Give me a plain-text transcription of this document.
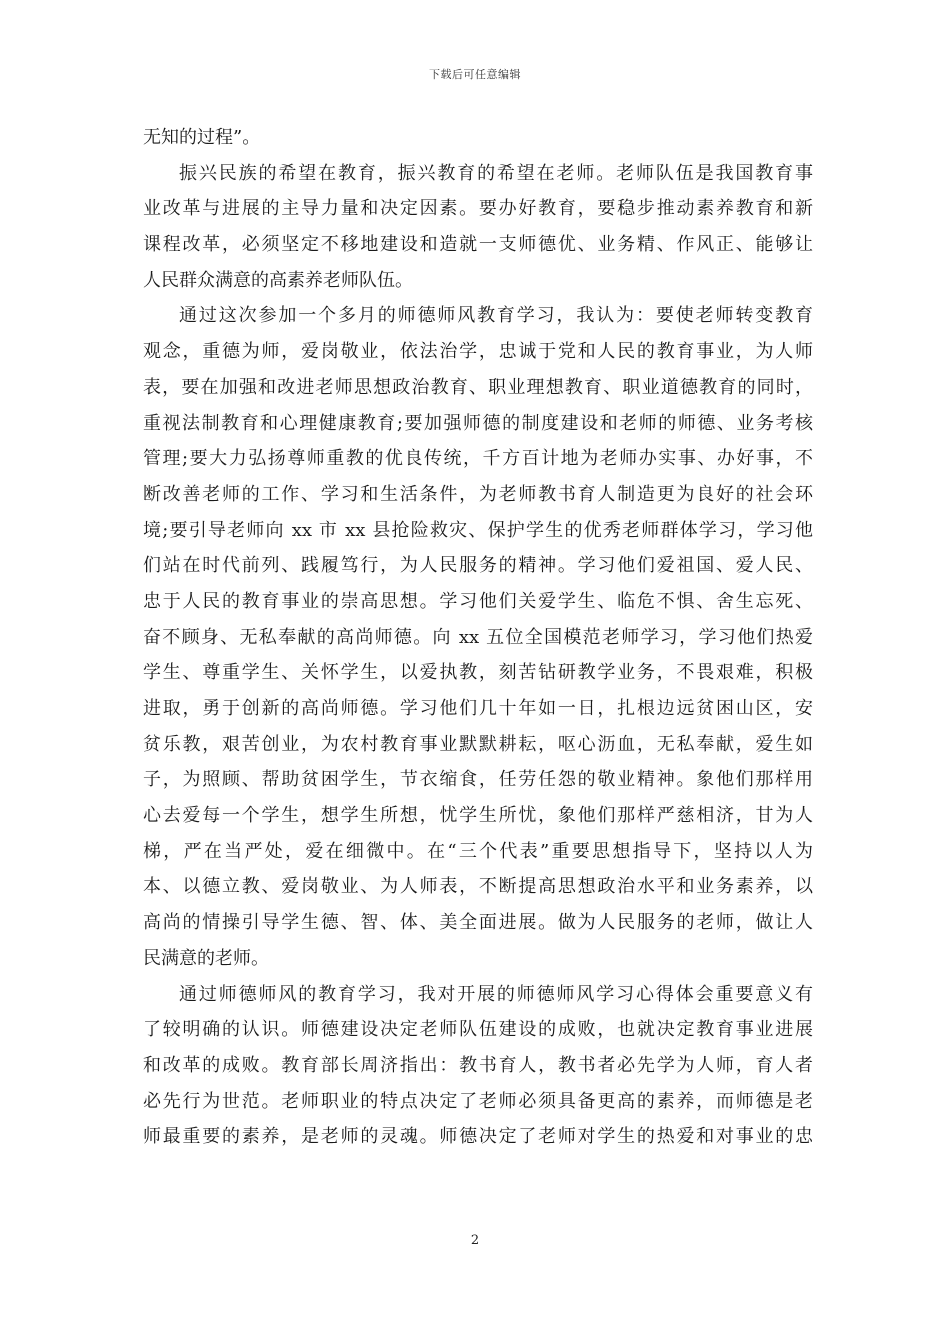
下载后可任意编辑
无知的过程”。
振兴民族的希望在教育，振兴教育的希望在老师。老师队伍是我国教育事
业改革与进展的主导力量和决定因素。要办好教育，要稳步推动素养教育和新
课程改革，必须坚定不移地建设和造就一支师德优、业务精、作风正、能够让
人民群众满意的高素养老师队伍。
通过这次参加一个多月的师德师风教育学习，我认为：要使老师转变教育
观念，重德为师，爱岗敬业，依法治学，忠诚于党和人民的教育事业，为人师
表，要在加强和改进老师思想政治教育、职业理想教育、职业道德教育的同时，
重视法制教育和心理健康教育;要加强师德的制度建设和老师的师德、业务考核
管理;要大力弘扬尊师重教的优良传统，千方百计地为老师办实事、办好事，不
断改善老师的工作、学习和生活条件，为老师教书育人制造更为良好的社会环
境;要引导老师向 xx 市 xx 县抢险救灾、保护学生的优秀老师群体学习，学习他
们站在时代前列、践履笃行，为人民服务的精神。学习他们爱祖国、爱人民、
忠于人民的教育事业的崇高思想。学习他们关爱学生、临危不惧、舍生忘死、
奋不顾身、无私奉献的高尚师德。向 xx 五位全国模范老师学习，学习他们热爱
学生、尊重学生、关怀学生，以爱执教，刻苦钻研教学业务，不畏艰难，积极
进取，勇于创新的高尚师德。学习他们几十年如一日，扎根边远贫困山区，安
贫乐教，艰苦创业，为农村教育事业默默耕耘，呕心沥血，无私奉献，爱生如
子，为照顾、帮助贫困学生，节衣缩食，任劳任怨的敬业精神。象他们那样用
心去爱每一个学生，想学生所想，忧学生所忧，象他们那样严慈相济，甘为人
梯，严在当严处，爱在细微中。在“三个代表”重要思想指导下，坚持以人为
本、以德立教、爱岗敬业、为人师表，不断提高思想政治水平和业务素养，以
高尚的情操引导学生德、智、体、美全面进展。做为人民服务的老师，做让人
民满意的老师。
通过师德师风的教育学习，我对开展的师德师风学习心得体会重要意义有
了较明确的认识。师德建设决定老师队伍建设的成败，也就决定教育事业进展
和改革的成败。教育部长周济指出：教书育人，教书者必先学为人师，育人者
必先行为世范。老师职业的特点决定了老师必须具备更高的素养，而师德是老
师最重要的素养，是老师的灵魂。师德决定了老师对学生的热爱和对事业的忠
2
